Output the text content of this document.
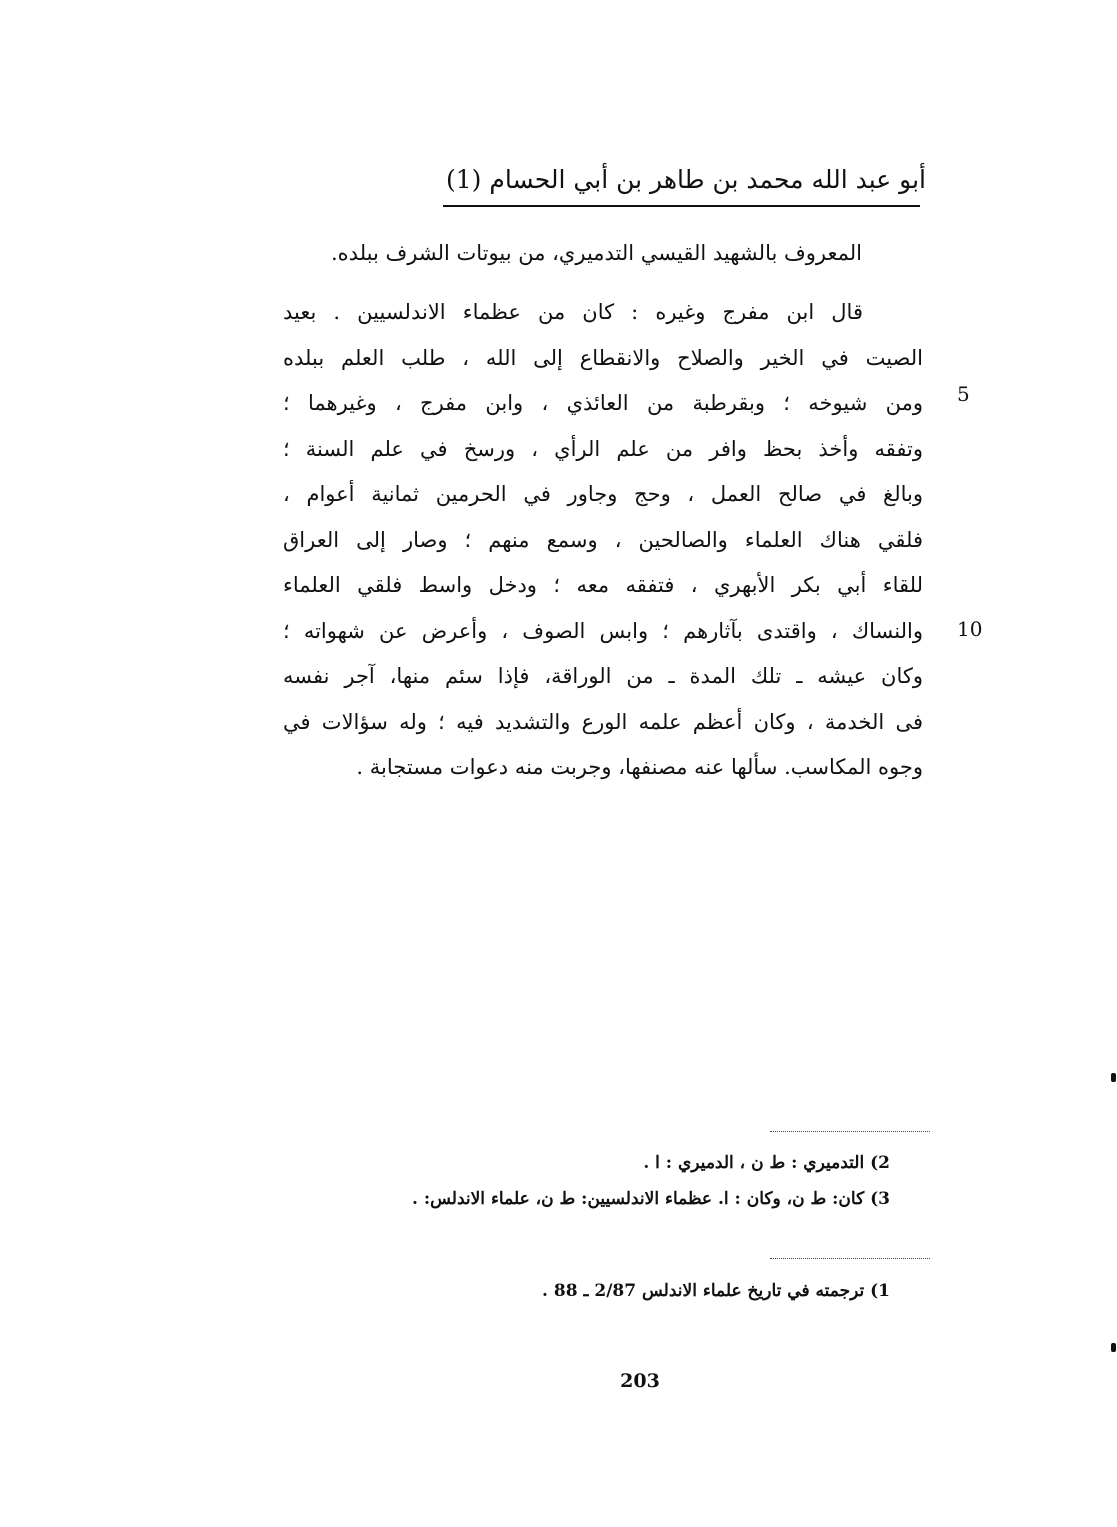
أبو عبد الله محمد بن طاهر بن أبي الحسام (1)
المعروف بالشهيد القيسي التدميري، من بيوتات الشرف ببلده.
قال ابن مفرج وغيره : كان من عظماء الاندلسيين . بعيد
الصيت في الخير والصلاح والانقطاع إلى الله ، طلب العلم ببلده
ومن شيوخه ؛ وبقرطبة من العائذي ، وابن مفرج ، وغيرهما ؛
وتفقه وأخذ بحظ وافر من علم الرأي ، ورسخ في علم السنة ؛
وبالغ في صالح العمل ، وحج وجاور في الحرمين ثمانية أعوام ،
فلقي هناك العلماء والصالحين ، وسمع منهم ؛ وصار إلى العراق
للقاء أبي بكر الأبهري ، فتفقه معه ؛ ودخل واسط فلقي العلماء
والنساك ، واقتدى بآثارهم ؛ وابس الصوف ، وأعرض عن شهواته ؛
وكان عيشه ـ تلك المدة ـ من الوراقة، فإذا سئم منها، آجر نفسه
فى الخدمة ، وكان أعظم علمه الورع والتشديد فيه ؛ وله سؤالات في
وجوه المكاسب. سألها عنه مصنفها، وجربت منه دعوات مستجابة .
5
10
2) التدميري : ط ن ، الدميري : ا .
3) كان: ط ن، وكان : ا. عظماء الاندلسيين: ط ن، علماء الاندلس: .
1) ترجمته في تاريخ علماء الاندلس 2/87 ـ 88 .
203
